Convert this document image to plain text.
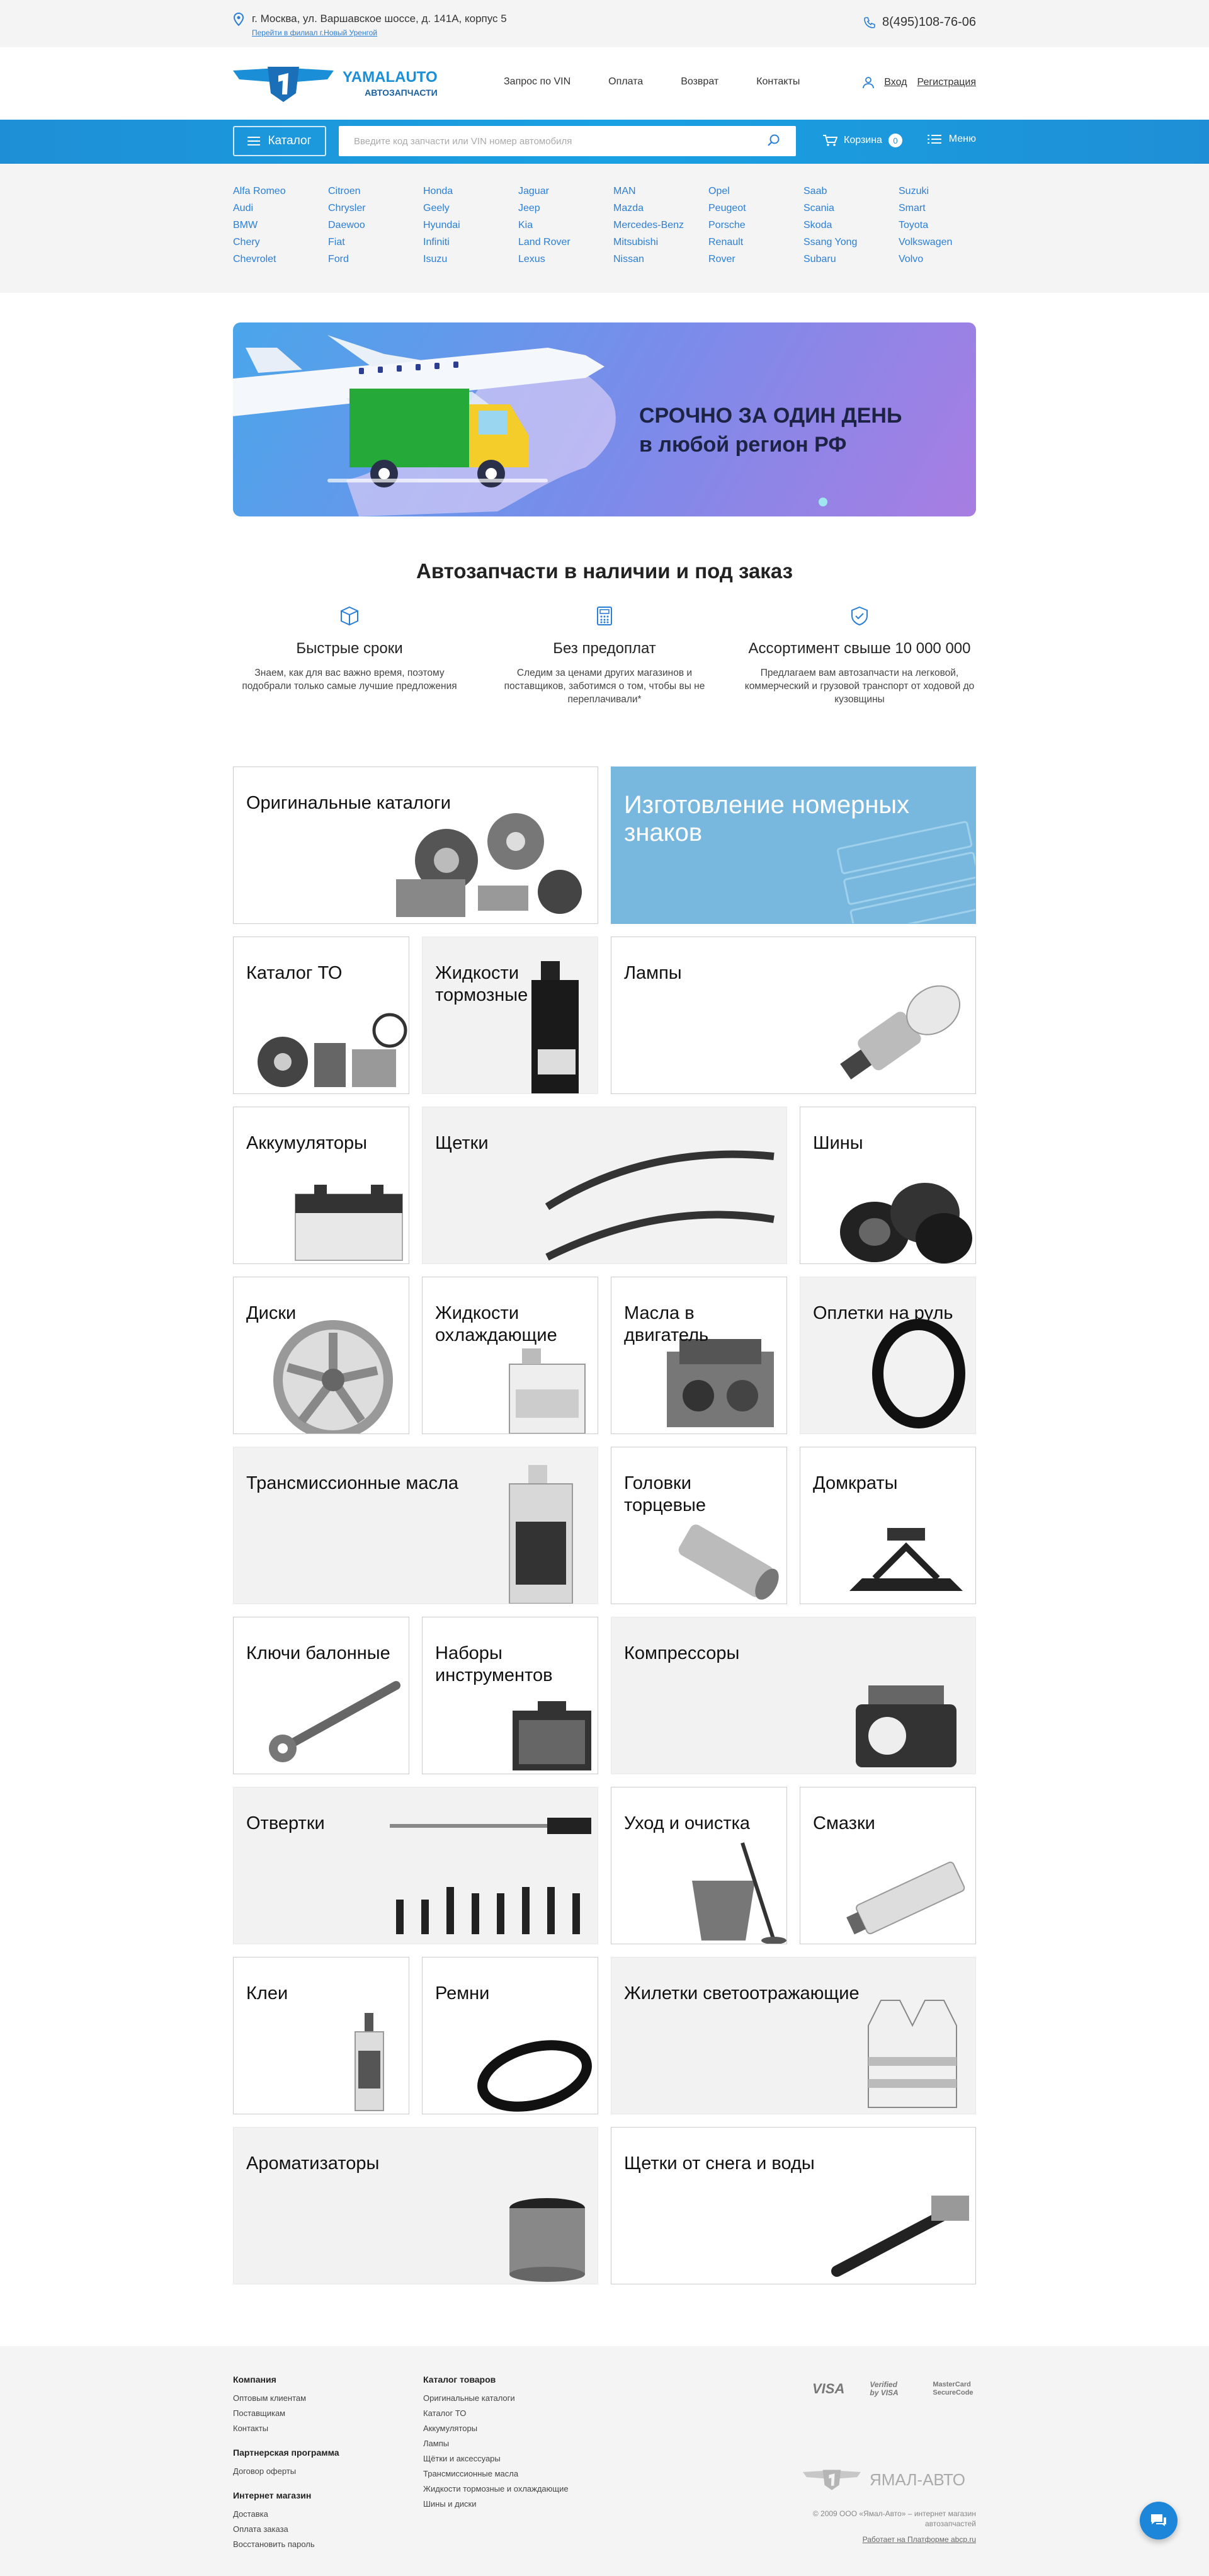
г. Москва, ул. Варшавское шоссе, д. 141А, корпус 5
Перейти в филиал г.Новый Уренгой
8(495)108-76-06
YAMALAUTO
АВТОЗАПЧАСТИ
Запрос по VIN	Оплата	Возврат	Контакты	Вход Регистрация
Каталог
Введите код запчасти или VIN номер автомобиля	Корзина	0	Меню
Alfa Romeo
Audi
BMW
Chery
Chevrolet
Citroen
Chrysler
Daewoo
Fiat
Ford
Honda
Geely
Hyundai
Infiniti
Isuzu
Jaguar
Jeep
Kia
Land Rover
Lexus
MAN
Mazda
Mercedes-Benz
Mitsubishi
Nissan
Opel
Peugeot
Porsche
Renault
Rover
Saab
Scania
Skoda
Ssang Yong
Subaru
Suzuki
Smart
Toyota
Volkswagen
Volvo
СРОЧНО ЗА ОДИН ДЕНЬ
в любой регион РФ
Автозапчасти в наличии и под заказ
Быстрые сроки

Знаем, как для вас важно время, поэтому подобрали только самые лучшие предложения

Без предоплат

Следим за ценами других магазинов и поставщиков, заботимся о том, чтобы вы не переплачивали*

Ассортимент свыше 10 000 000

Предлагаем вам автозапчасти на легковой, коммерческий и грузовой транспорт от ходовой до кузовщины

Оригинальные каталоги	Изготовление номерных знаков
Каталог ТО	Жидкости тормозные
Лампы
Аккумуляторы	Щетки	Шины
Диски	Жидкости охлаждающие
Масла в двигатель
Оплетки на руль
Трансмиссионные масла	Головки торцевые
Домкраты
Ключи балонные Наборы инструментов
Компрессоры
Отвертки	Уход и очистка	Смазки
Клеи	Ремни	Жилетки светоотражающие
Ароматизаторы	Щетки от снега и воды
Компания
Оптовым клиентам
Поставщикам
Контакты
Партнерская программа
Договор оферты
Интернет магазин
Доставка
Оплата заказа
Восстановить пароль
Каталог товаров
Оригинальные каталоги
Каталог ТО
Аккумуляторы
Лампы
Щётки и аксессуары
Трансмиссионные масла
Жидкости тормозные и охлаждающие
Шины и диски
VISA	Verified by VISA
MasterCard SecureCode
ЯМАЛ-АВТО
© 2009 ООО «Ямал-Авто» – интернет магазин автозапчастей
Работает на Платформе abcp.ru
